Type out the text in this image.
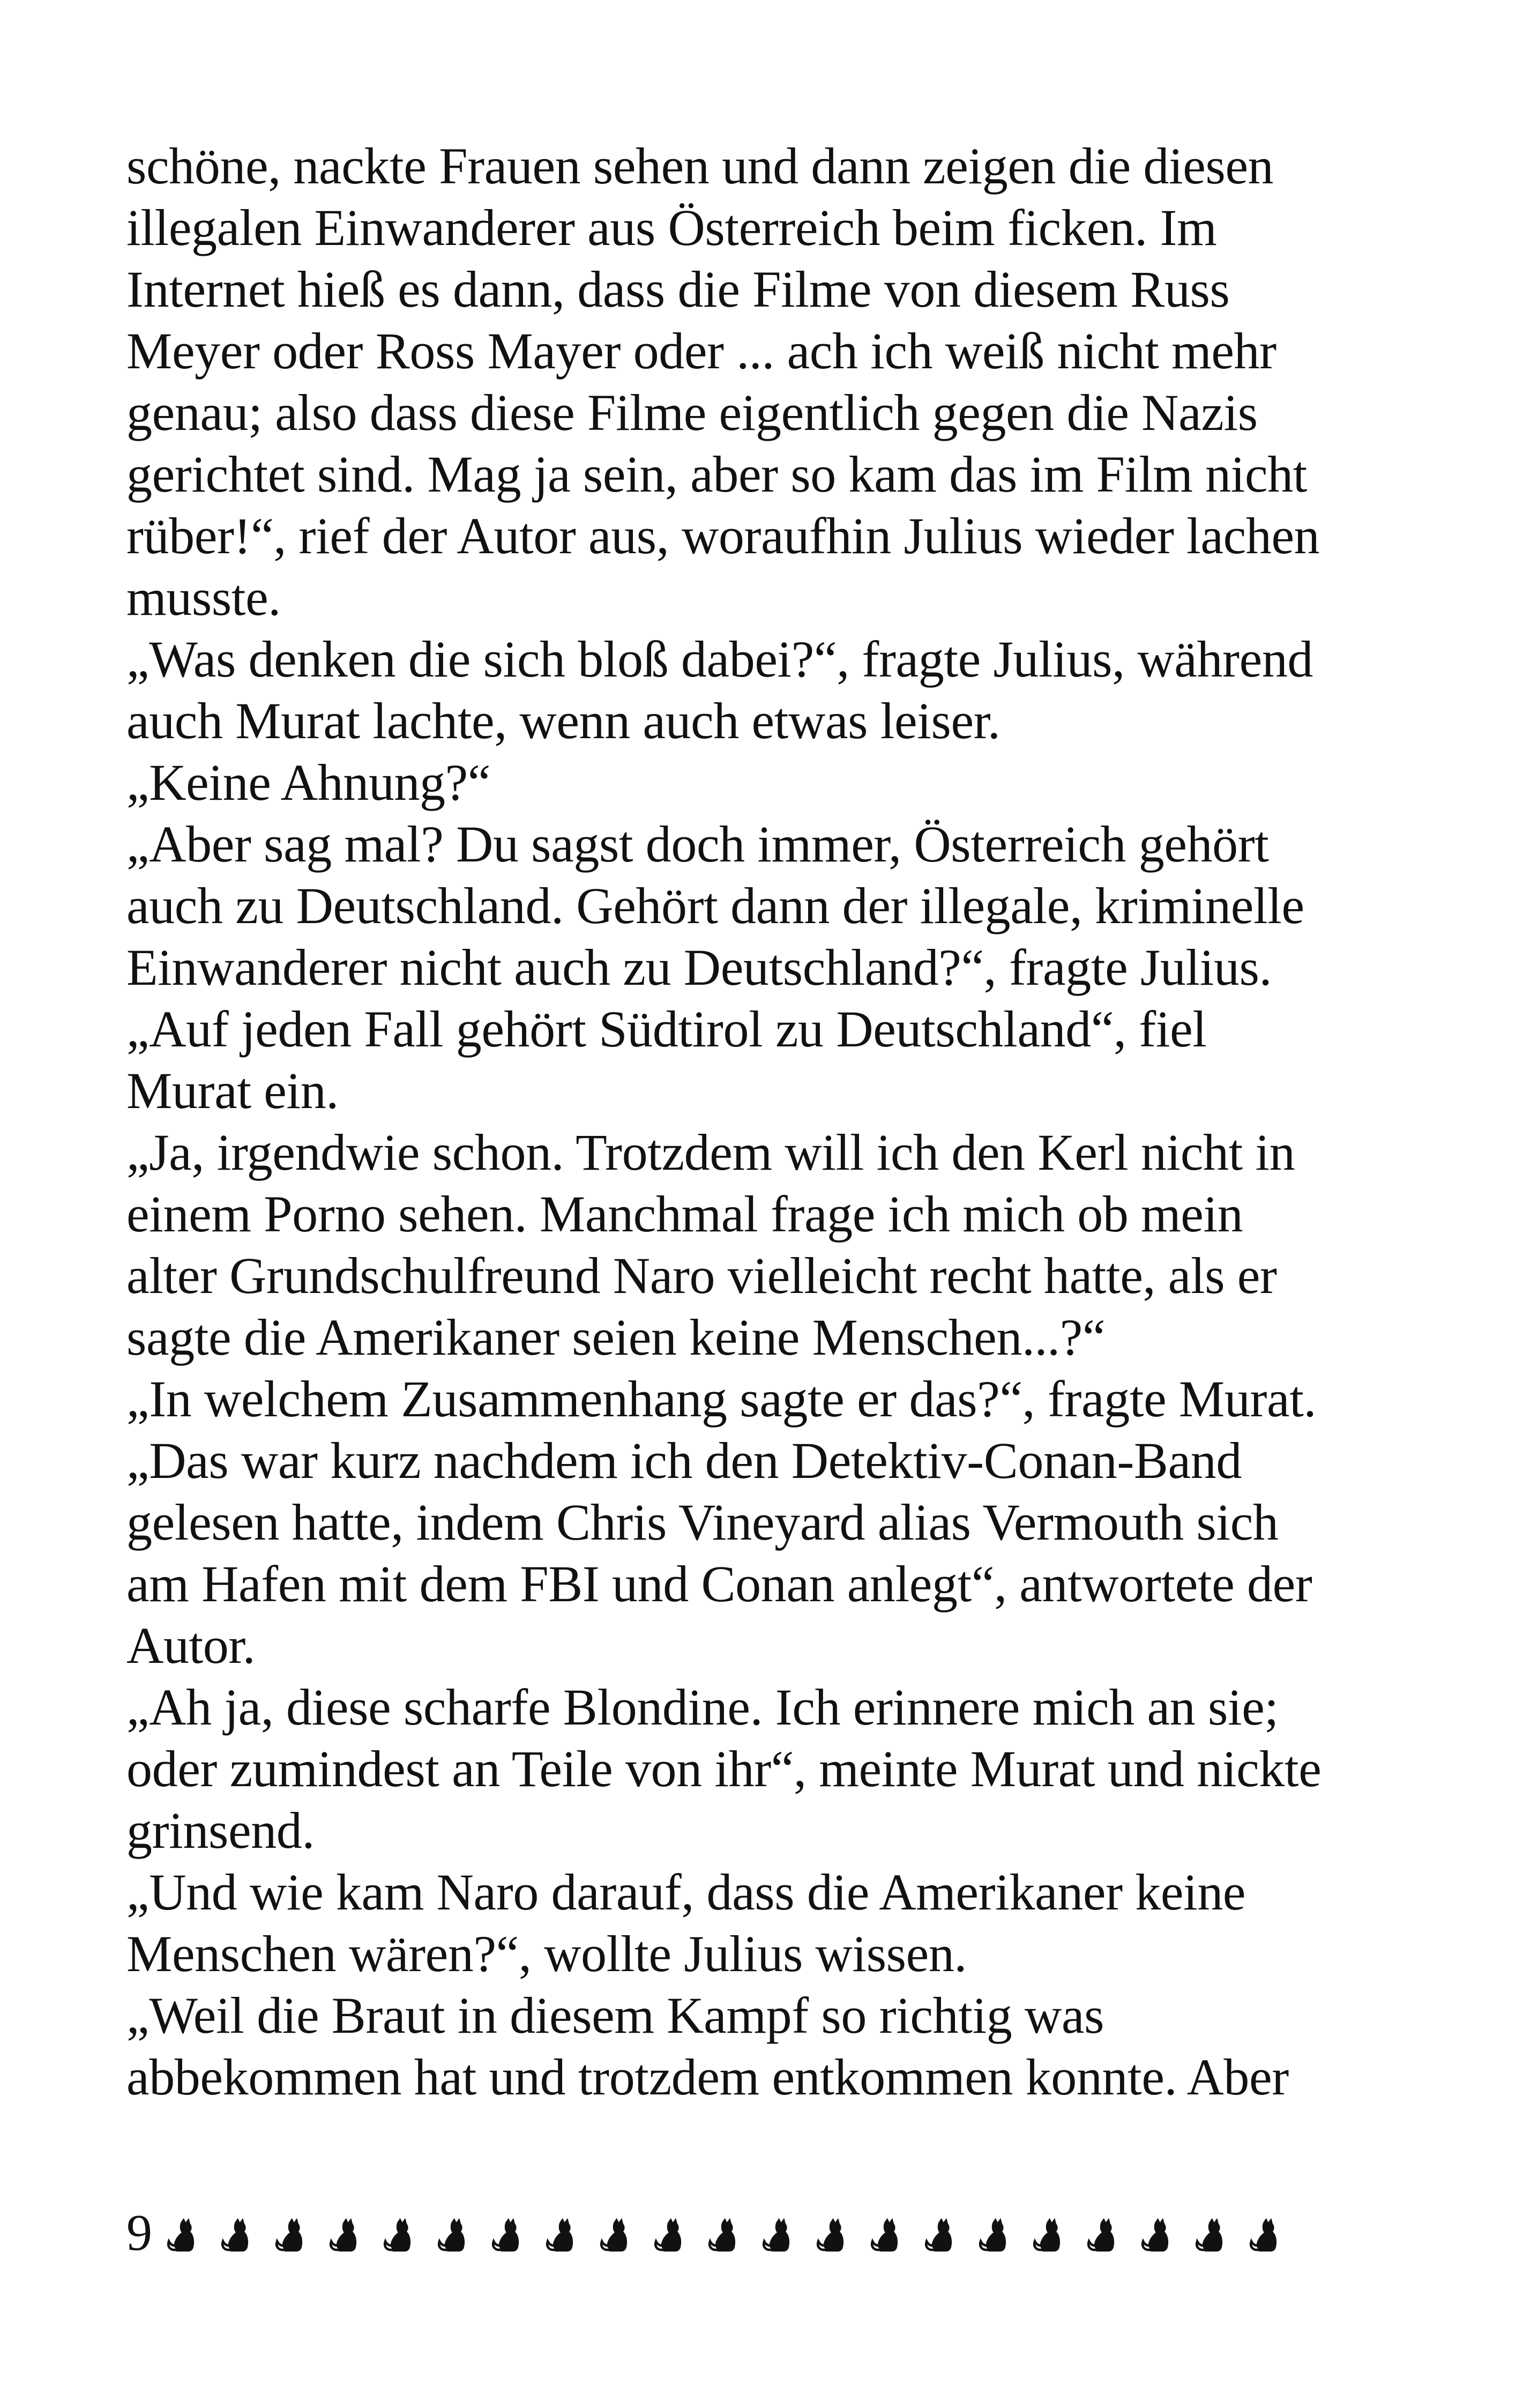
schöne, nackte Frauen sehen und dann zeigen die diesen
illegalen Einwanderer aus Österreich beim ficken. Im
Internet hieß es dann, dass die Filme von diesem Russ
Meyer oder Ross Mayer oder ... ach ich weiß nicht mehr
genau; also dass diese Filme eigentlich gegen die Nazis
gerichtet sind. Mag ja sein, aber so kam das im Film nicht
rüber!“, rief der Autor aus, woraufhin Julius wieder lachen
musste.
„Was denken die sich bloß dabei?“, fragte Julius, während
auch Murat lachte, wenn auch etwas leiser.
„Keine Ahnung?“
„Aber sag mal? Du sagst doch immer, Österreich gehört
auch zu Deutschland. Gehört dann der illegale, kriminelle
Einwanderer nicht auch zu Deutschland?“, fragte Julius.
„Auf jeden Fall gehört Südtirol zu Deutschland“, fiel
Murat ein.
„Ja, irgendwie schon. Trotzdem will ich den Kerl nicht in
einem Porno sehen. Manchmal frage ich mich ob mein
alter Grundschulfreund Naro vielleicht recht hatte, als er
sagte die Amerikaner seien keine Menschen...?“
„In welchem Zusammenhang sagte er das?“, fragte Murat.
„Das war kurz nachdem ich den Detektiv-Conan-Band
gelesen hatte, indem Chris Vineyard alias Vermouth sich
am Hafen mit dem FBI und Conan anlegt“, antwortete der
Autor.
„Ah ja, diese scharfe Blondine. Ich erinnere mich an sie;
oder zumindest an Teile von ihr“, meinte Murat und nickte
grinsend.
„Und wie kam Naro darauf, dass die Amerikaner keine
Menschen wären?“, wollte Julius wissen.
„Weil die Braut in diesem Kampf so richtig was
abbekommen hat und trotzdem entkommen konnte. Aber
9
